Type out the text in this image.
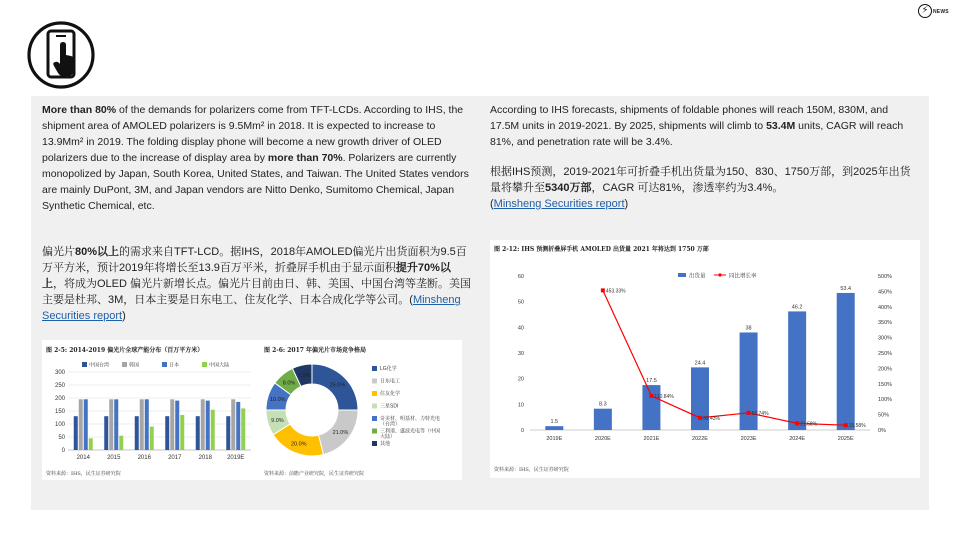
⚡ NEWS
More than 80% of the demands for polarizers come from TFT-LCDs. According to IHS, the shipment area of AMOLED polarizers is 9.5Mm² in 2018. It is expected to increase to 13.9Mm² in 2019. The folding display phone will become a new growth driver of OLED polarizers due to the increase of display area by more than 70%. Polarizers are currently monopolized by Japan, South Korea, United States, and Taiwan. The United States vendors are mainly DuPont, 3M, and Japan vendors are Nitto Denko, Sumitomo Chemical, Japan Synthetic Chemical, etc.
偏光片80%以上的需求来自TFT-LCD。据IHS，2018年AMOLED偏光片出货面积为9.5百万平方米，预计2019年将增长至13.9百万平米，折叠屏手机由于显示面积提升70%以上，将成为OLED 偏光片新增长点。偏光片目前由日、韩、美国、中国台湾等垄断。美国主要是杜邦、3M，日本主要是日东电工、住友化学、日本合成化学等公司。(Minsheng Securities report)
According to IHS forecasts, shipments of foldable phones will reach 150M, 830M, and 17.5M units in 2019-2021. By 2025, shipments will climb to 53.4M units, CAGR will reach 81%, and penetration rate will be 3.4%.
根据IHS预测，2019-2021年可折叠手机出货量为150、830、1750万部，到2025年出货量将攀升至5340万部，CAGR 可达81%，渗透率约为3.4%。
(Minsheng Securities report)
图 2-5: 2014-2019 偏光片全球产能分布（百万平方米）	图 2-6: 2017 年偏光片市场竞争格局
资料来源：IHS，民生证券研究院	资料来源：前瞻产业研究院，民生证券研究院
中国台湾	韩国	日本	中国大陆
0
50
100
150
200
250
300
2014	2015	2016	2017	2018	2019E
25.0%
21.0%
20.0%
9.0%
10.0%
8.0%
7.0%
LG化学
日东电工
住友化学
三星SDI
奇美材、明基材、力特光电
（台湾）
三利谱、盛波光电等（中国
大陆）
其他
图 2-12: IHS 预测折叠屏手机 AMOLED 出货量 2021 年将达到 1750 万部
资料来源：IHS，民生证券研究院
出货量	同比增长率
0
10
20
30
40
50
60
0%
50%
100%
150%
200%
250%
300%
350%
400%
450%
500%
1.5
2019E
8.3
2020E
17.5
2021E
24.4
2022E
38
2023E
46.2
2024E
53.4
2025E
453.33%
110.84%
39.43%
55.74%
21.58%	15.58%
